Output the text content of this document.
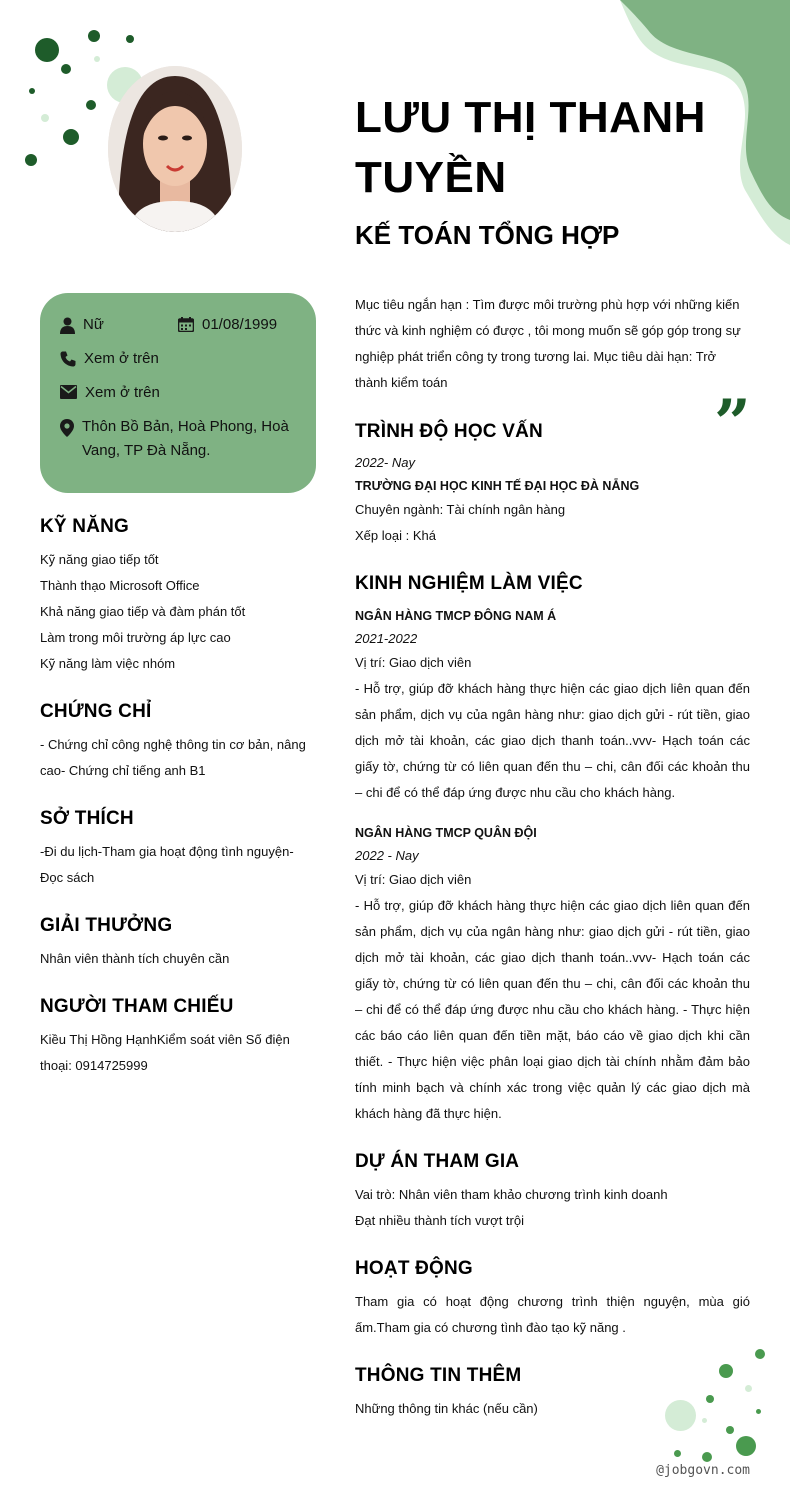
LƯU THỊ THANH TUYỀN
KẾ TOÁN TỔNG HỢP
Nữ	01/08/1999
Xem ở trên
Xem ở trên
Thôn Bồ Bản, Hoà Phong, Hoà Vang, TP Đà Nẵng.
KỸ NĂNG
Kỹ năng giao tiếp tốt
Thành thạo Microsoft Office
Khả năng giao tiếp và đàm phán tốt
Làm trong môi trường áp lực cao
Kỹ năng làm việc nhóm
CHỨNG CHỈ
- Chứng chỉ công nghệ thông tin cơ bản, nâng cao- Chứng chỉ tiếng anh B1
SỞ THÍCH
-Đi du lịch-Tham gia hoạt động tình nguyện- Đọc sách
GIẢI THƯỞNG
Nhân viên thành tích chuyên cần
NGƯỜI THAM CHIẾU
Kiều Thị Hồng HạnhKiểm soát viên Số điện thoại: 0914725999
Mục tiêu ngắn hạn : Tìm được môi trường phù hợp với những kiến thức và kinh nghiệm có được , tôi mong muốn sẽ góp góp trong sự nghiệp phát triển công ty trong tương lai. Mục tiêu dài hạn: Trở thành kiểm toán
”
TRÌNH ĐỘ HỌC VẤN
2022- Nay
TRƯỜNG ĐẠI HỌC KINH TẾ ĐẠI HỌC ĐÀ NẴNG
Chuyên ngành: Tài chính ngân hàng
Xếp loại : Khá
KINH NGHIỆM LÀM VIỆC
NGÂN HÀNG TMCP ĐÔNG NAM Á
2021-2022
Vị trí: Giao dịch viên
- Hỗ trợ, giúp đỡ khách hàng thực hiện các giao dịch liên quan đến sản phẩm, dịch vụ của ngân hàng như: giao dịch gửi - rút tiền, giao dịch mở tài khoản, các giao dịch thanh toán..vvv- Hạch toán các giấy tờ, chứng từ có liên quan đến thu – chi, cân đối các khoản thu – chi để có thể đáp ứng được nhu cầu cho khách hàng.
NGÂN HÀNG TMCP QUÂN ĐỘI
2022 - Nay
Vị trí: Giao dịch viên
- Hỗ trợ, giúp đỡ khách hàng thực hiện các giao dịch liên quan đến sản phẩm, dịch vụ của ngân hàng như: giao dịch gửi - rút tiền, giao dịch mở tài khoản, các giao dịch thanh toán..vvv- Hạch toán các giấy tờ, chứng từ có liên quan đến thu – chi, cân đối các khoản thu – chi để có thể đáp ứng được nhu cầu cho khách hàng. - Thực hiện các báo cáo liên quan đến tiền mặt, báo cáo về giao dịch khi cần thiết. - Thực hiện việc phân loại giao dịch tài chính nhằm đảm bảo tính minh bạch và chính xác trong việc quản lý các giao dịch mà khách hàng đã thực hiện.
DỰ ÁN THAM GIA
Vai trò: Nhân viên tham khảo chương trình kinh doanh
Đạt nhiều thành tích vượt trội
HOẠT ĐỘNG
Tham gia có hoạt động chương trình thiện nguyện, mùa gió ấm.Tham gia có chương tình đào tạo kỹ năng .
THÔNG TIN THÊM
Những thông tin khác (nếu cần)
@jobgovn.com
